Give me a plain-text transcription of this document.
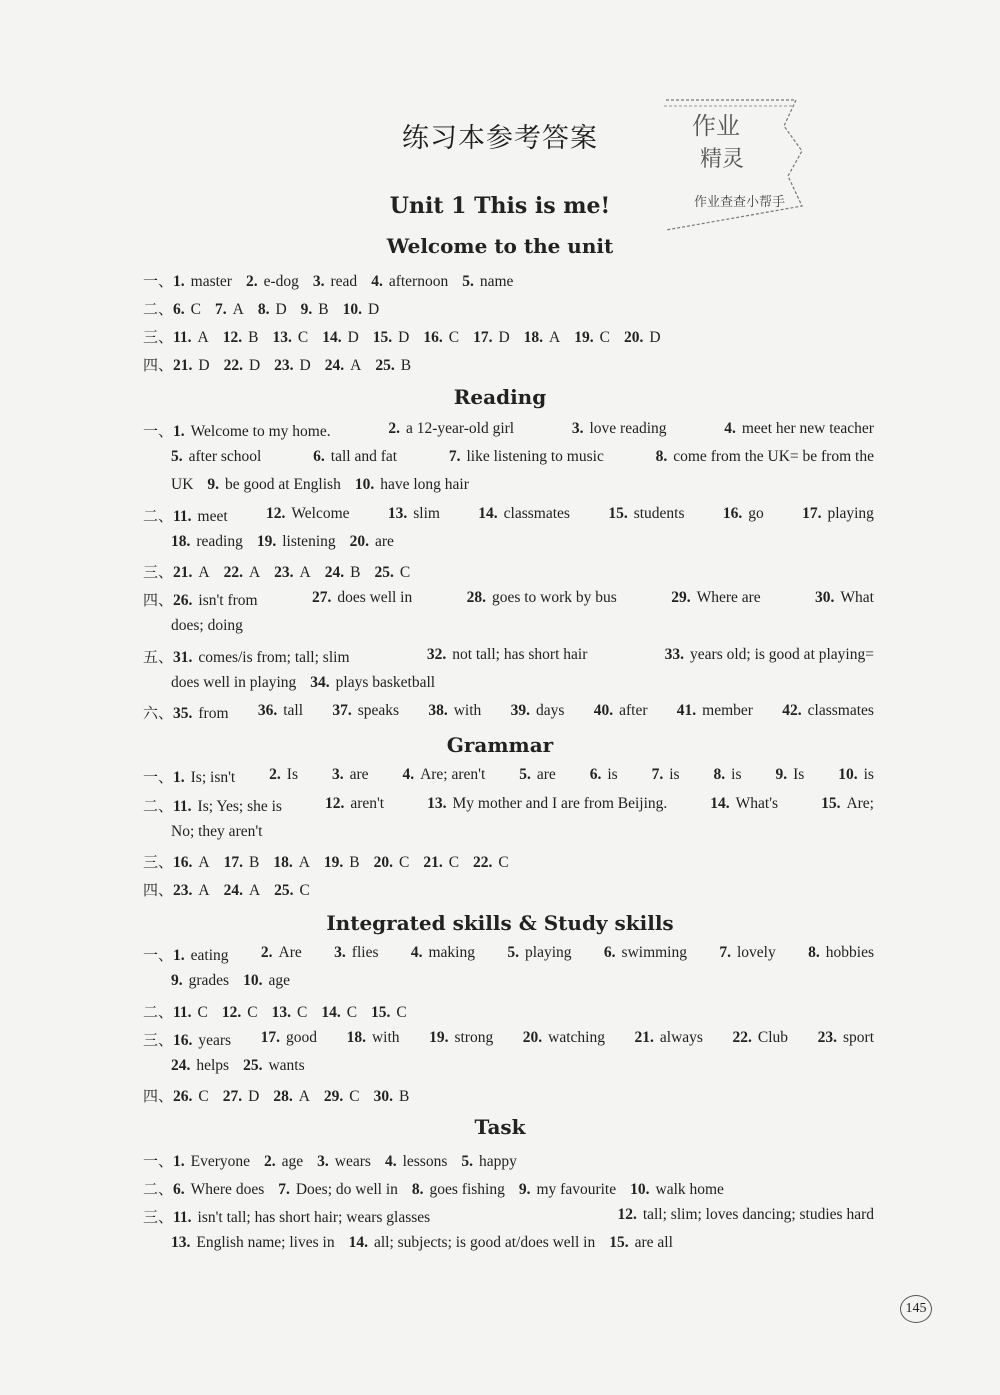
练习本参考答案	作业
精灵
作业查查小帮手
Unit 1 This is me!
Welcome to the unit
Reading
Grammar
Integrated skills & Study skills
Task
一、1. master 2. e-dog 3. read 4. afternoon 5. name
二、6. C 7. A 8. D 9. B 10. D
三、11. A 12. B 13. C 14. D 15. D 16. C 17. D 18. A 19. C 20. D
四、21. D 22. D 23. D 24. A 25. B
一、1. Welcome to my home.	2. a 12-year-old girl	3. love reading	4. meet her new teacher
5. after school	6. tall and fat	7. like listening to music	8. come from the UK= be from the
UK 9. be good at English 10. have long hair
二、11. meet 12. Welcome 13. slim 14. classmates 15. students 16. go 17. playing
18. reading 19. listening 20. are
三、21. A 22. A 23. A 24. B 25. C
四、26. isn't from	27. does well in	28. goes to work by bus	29. Where are	30. What
does; doing
五、31. comes/is from; tall; slim	32. not tall; has short hair	33. years old; is good at playing=
does well in playing 34. plays basketball
六、35. from 36. tall 37. speaks 38. with 39. days 40. after 41. member 42. classmates
一、1. Is; isn't 2. Is 3. are 4. Are; aren't 5. are 6. is 7. is 8. is 9. Is 10. is
二、11. Is; Yes; she is	12. aren't	13. My mother and I are from Beijing.	14. What's	15. Are;
No; they aren't
三、16. A 17. B 18. A 19. B 20. C 21. C 22. C
四、23. A 24. A 25. C
一、1. eating 2. Are 3. flies 4. making 5. playing 6. swimming 7. lovely 8. hobbies
9. grades 10. age
二、11. C 12. C 13. C 14. C 15. C
三、16. years 17. good 18. with 19. strong 20. watching 21. always 22. Club 23. sport
24. helps 25. wants
四、26. C 27. D 28. A 29. C 30. B
一、1. Everyone 2. age 3. wears 4. lessons 5. happy
二、6. Where does 7. Does; do well in 8. goes fishing 9. my favourite 10. walk home
三、11. isn't tall; has short hair; wears glasses	12. tall; slim; loves dancing; studies hard
13. English name; lives in 14. all; subjects; is good at/does well in 15. are all
145
